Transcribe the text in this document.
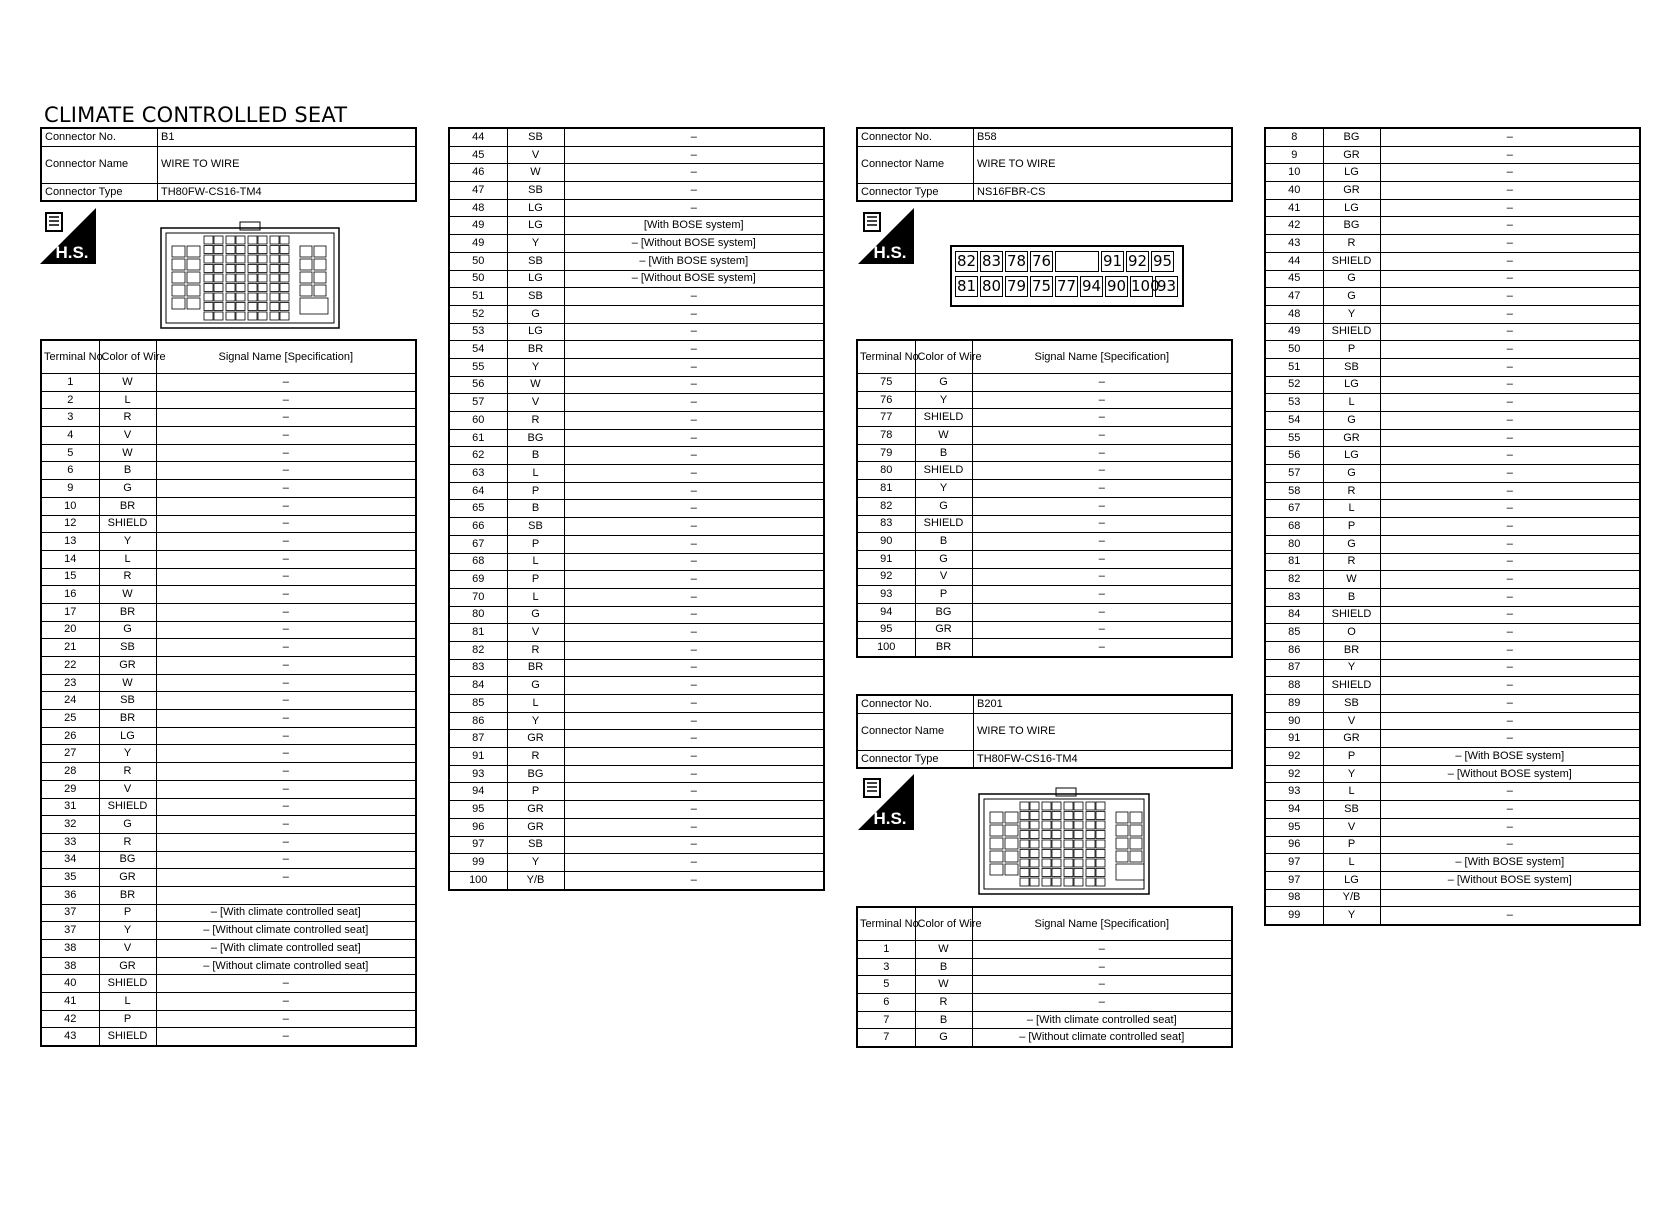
CLIMATE CONTROLLED SEAT
Connector No.	B1
Connector Name	WIRE TO WIRE
Connector Type	TH80FW-CS16-TM4
H.S.
Terminal No.	Color of Wire	Signal Name [Specification]
1	W	–
2	L	–
3	R	–
4	V	–
5	W	–
6	B	–
9	G	–
10	BR	–
12	SHIELD	–
13	Y	–
14	L	–
15	R	–
16	W	–
17	BR	–
20	G	–
21	SB	–
22	GR	–
23	W	–
24	SB	–
25	BR	–
26	LG	–
27	Y	–
28	R	–
29	V	–
31	SHIELD	–
32	G	–
33	R	–
34	BG	–
35	GR	–
36	BR	
37	P	– [With climate controlled seat]
37	Y	– [Without climate controlled seat]
38	V	– [With climate controlled seat]
38	GR	– [Without climate controlled seat]
40	SHIELD	–
41	L	–
42	P	–
43	SHIELD	–
44	SB	–
45	V	–
46	W	–
47	SB	–
48	LG	–
49	LG	[With BOSE system]
49	Y	– [Without BOSE system]
50	SB	– [With BOSE system]
50	LG	– [Without BOSE system]
51	SB	–
52	G	–
53	LG	–
54	BR	–
55	Y	–
56	W	–
57	V	–
60	R	–
61	BG	–
62	B	–
63	L	–
64	P	–
65	B	–
66	SB	–
67	P	–
68	L	–
69	P	–
70	L	–
80	G	–
81	V	–
82	R	–
83	BR	–
84	G	–
85	L	–
86	Y	–
87	GR	–
91	R	–
93	BG	–
94	P	–
95	GR	–
96	GR	–
97	SB	–
99	Y	–
100	Y/B	–
Connector No.	B58
Connector Name	WIRE TO WIRE
Connector Type	NS16FBR-CS
H.S.	82 83 78 76	91 92 95
81 80 79 75 77 94 90 100
93
Terminal No.	Color of Wire	Signal Name [Specification]
75	G	–
76	Y	–
77	SHIELD	–
78	W	–
79	B	–
80	SHIELD	–
81	Y	–
82	G	–
83	SHIELD	–
90	B	–
91	G	–
92	V	–
93	P	–
94	BG	–
95	GR	–
100	BR	–
Connector No.	B201
Connector Name	WIRE TO WIRE
Connector Type	TH80FW-CS16-TM4
H.S.
Terminal No.	Color of Wire	Signal Name [Specification]
1	W	–
3	B	–
5	W	–
6	R	–
7	B	– [With climate controlled seat]
7	G	– [Without climate controlled seat]
8	BG	–
9	GR	–
10	LG	–
40	GR	–
41	LG	–
42	BG	–
43	R	–
44	SHIELD	–
45	G	–
47	G	–
48	Y	–
49	SHIELD	–
50	P	–
51	SB	–
52	LG	–
53	L	–
54	G	–
55	GR	–
56	LG	–
57	G	–
58	R	–
67	L	–
68	P	–
80	G	–
81	R	–
82	W	–
83	B	–
84	SHIELD	–
85	O	–
86	BR	–
87	Y	–
88	SHIELD	–
89	SB	–
90	V	–
91	GR	–
92	P	– [With BOSE system]
92	Y	– [Without BOSE system]
93	L	–
94	SB	–
95	V	–
96	P	–
97	L	– [With BOSE system]
97	LG	– [Without BOSE system]
98	Y/B	
99	Y	–
